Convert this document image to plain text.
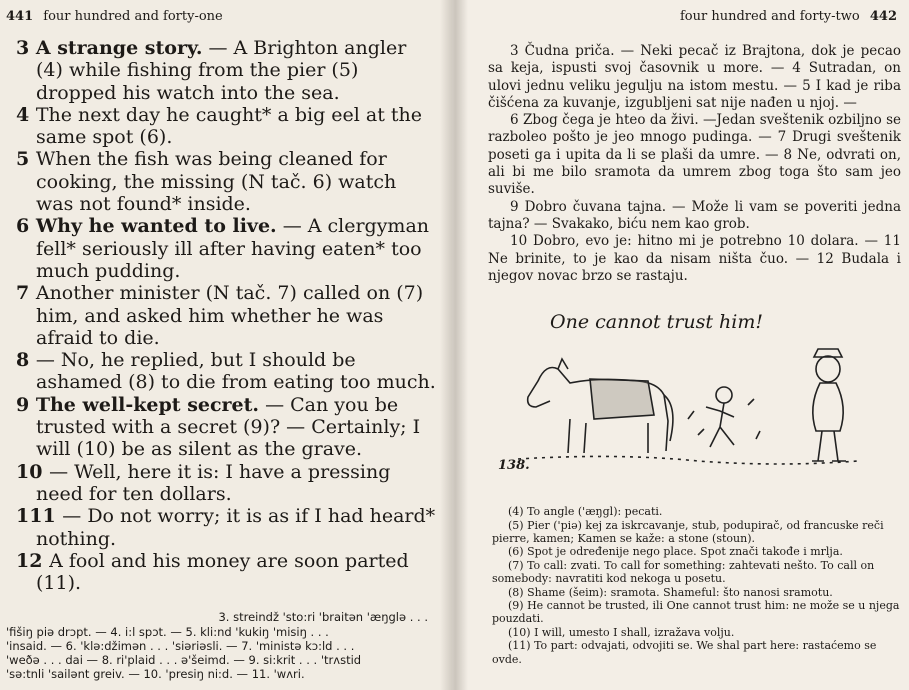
441 four hundred and forty-one

3 A strange story. — A Brighton angler (4) while fishing from the pier (5) dropped his watch into the sea.

4 The next day he caught* a big eel at the same spot (6).

5 When the fish was being cleaned for cooking, the missing (N tač. 6) watch was not found* inside.

6 Why he wanted to live. — A clergyman fell* seriously ill after having eaten* too much pudding.

7 Another minister (N tač. 7) called on (7) him, and asked him whether he was afraid to die.

8 — No, he replied, but I should be ashamed (8) to die from eating too much.

9 The well-kept secret. — Can you be trusted with a secret (9)? — Certainly; I will (10) be as silent as the grave.

10 — Well, here it is: I have a pressing need for ten dollars.

111 — Do not worry; it is as if I had heard* nothing.

12 A fool and his money are soon parted (11).

3. streindž 'sto:ri 'braitən 'æŋglə . . .
'fišiŋ piə drɔpt. — 4. i:l spɔt. — 5. kli:nd 'kukiŋ 'misiŋ . . .
'insaid. — 6. 'klə:džimən . . . 'siəriəsli. — 7. 'ministə kɔ:ld . . .
'weðə . . . dai — 8. ri'plaid . . . ə'šeimd. — 9. si:krit . . . 'trʌstid
'sə:tnli 'sailənt greiv. — 10. 'presiŋ ni:d. — 11. 'wʌri.
four hundred and forty-two 442

3 Čudna priča. — Neki pecač iz Brajtona, dok je pecao sa keja, ispusti svoj časovnik u more. — 4 Sutradan, on ulovi jednu veliku jegulju na istom mestu. — 5 I kad je riba čišćena za kuvanje, izgubljeni sat nije nađen u njoj. —

6 Zbog čega je hteo da živi. —Jedan sveštenik ozbiljno se razboleo pošto je jeo mnogo pudinga. — 7 Drugi sveštenik poseti ga i upita da li se plaši da umre. — 8 Ne, odvrati on, ali bi me bilo sramota da umrem zbog toga što sam jeo suviše.

9 Dobro čuvana tajna. — Može li vam se poveriti jedna tajna? — Svakako, biću nem kao grob.

10 Dobro, evo je: hitno mi je potrebno 10 dolara. — 11 Ne brinite, to je kao da nisam ništa čuo. — 12 Budala i njegov novac brzo se rastaju.

One cannot trust him!
138.

(4) To angle ('æŋgl): pecati.

(5) Pier ('piə) kej za iskrcavanje, stub, podupirač, od francuske reči pierre, kamen; Kamen se kaže: a stone (stoun).

(6) Spot je određenije nego place. Spot znači takođe i mrlja.

(7) To call: zvati. To call for something: zahtevati nešto. To call on somebody: navratiti kod nekoga u posetu.

(8) Shame (šeim): sramota. Shameful: što nanosi sramotu.

(9) He cannot be trusted, ili One cannot trust him: ne može se u njega pouzdati.

(10) I will, umesto I shall, izražava volju.

(11) To part: odvajati, odvojiti se. We shal part here: rastaćemo se ovde.
